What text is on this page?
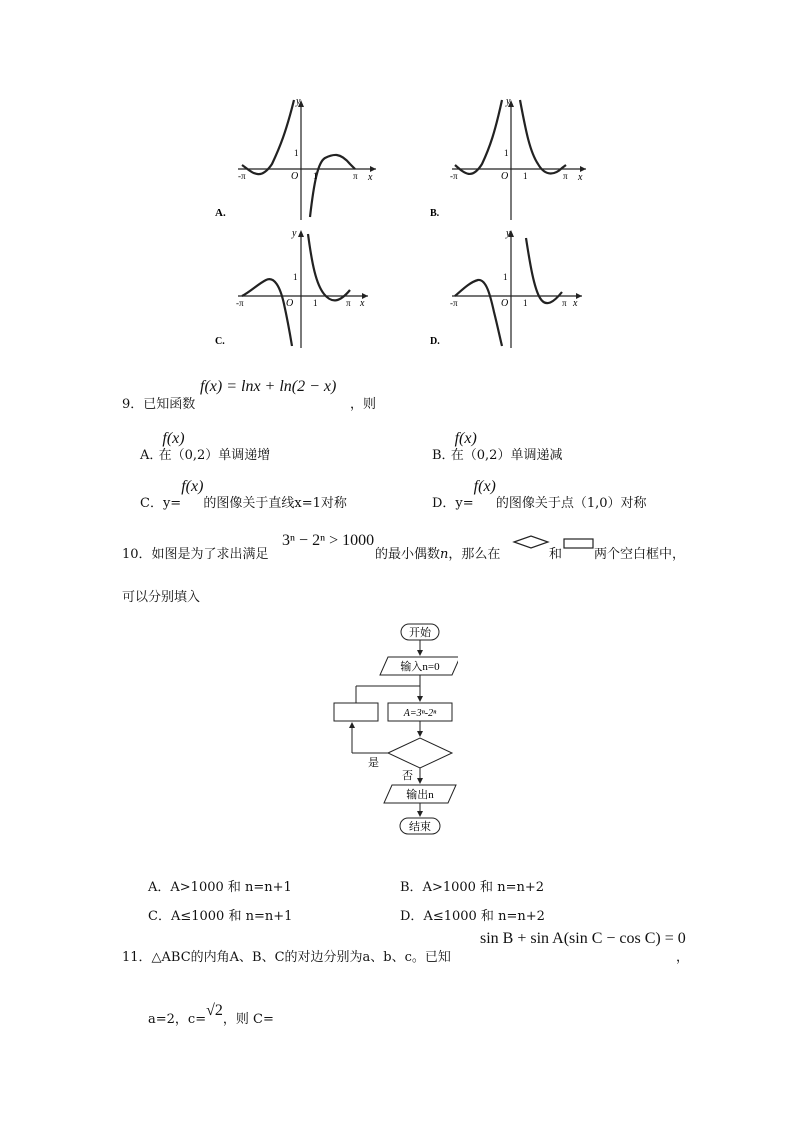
y
x
O
1
1
-π	π
A.
y
x
O
1
1
-π	π
B.
y
x
O
1
1
-π	π
C.
y
x
O
1
1
-π	π
D.
9．已知函数
f(x) = lnx + ln(2 − x)
，则
$_{A.}f(x)_{在(0,2)单调递增}$	$_{B.}f(x)_{在(0,2)单调递减}$
$_{C.y=}f(x)_{的图像关于直线x=1对称}$	$_{D.y=}f(x)_{的图像关于点(1,0)对称}$
10．如图是为了求出满足
3ⁿ − 2ⁿ > 1000
的最小偶数n，那么在	和 两个空白框中，
可以分别填入
开始
输入n=0
A=3ⁿ-2ⁿ
是
否
输出n
结束
A．A>1000 和 n=n+1	B．A>1000 和 n=n+2
C．A≤1000 和 n=n+1	D．A≤1000 和 n=n+2
11．△ABC的内角A、B、C的对边分别为a、b、c。已知
sin B + sin A(sin C − cos C) = 0
，
a=2，c=√2，则 C=
